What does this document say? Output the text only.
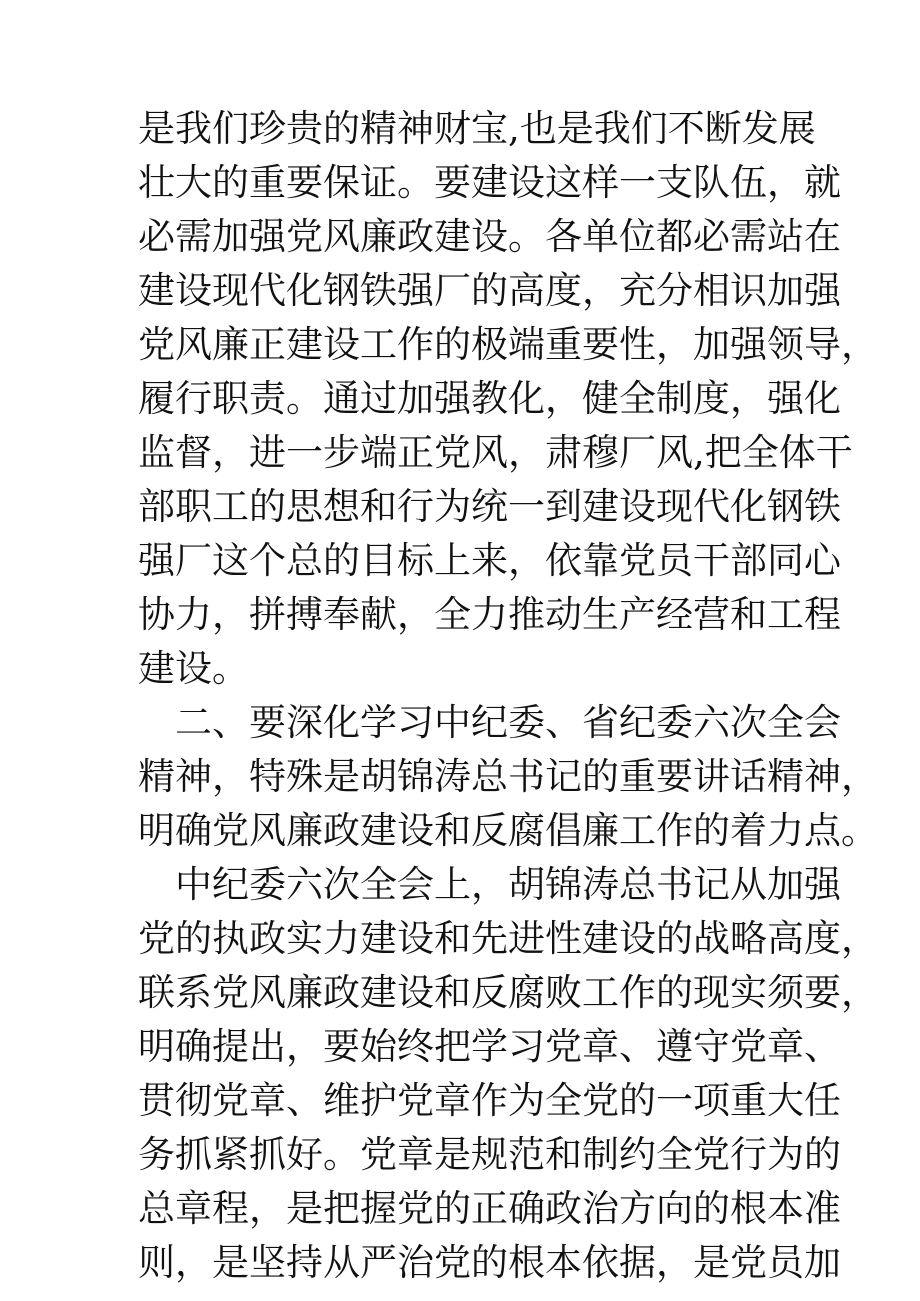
是我们珍贵的精神财宝,也是我们不断发展
壮大的重要保证。要建设这样一支队伍，就
必需加强党风廉政建设。各单位都必需站在
建设现代化钢铁强厂的高度，充分相识加强
党风廉正建设工作的极端重要性，加强领导，
履行职责。通过加强教化，健全制度，强化
监督，进一步端正党风，肃穆厂风,把全体干
部职工的思想和行为统一到建设现代化钢铁
强厂这个总的目标上来，依靠党员干部同心
协力，拼搏奉献，全力推动生产经营和工程
建设。
二、要深化学习中纪委、省纪委六次全会
精神，特殊是胡锦涛总书记的重要讲话精神，
明确党风廉政建设和反腐倡廉工作的着力点。
中纪委六次全会上，胡锦涛总书记从加强
党的执政实力建设和先进性建设的战略高度，
联系党风廉政建设和反腐败工作的现实须要，
明确提出，要始终把学习党章、遵守党章、
贯彻党章、维护党章作为全党的一项重大任
务抓紧抓好。党章是规范和制约全党行为的
总章程，是把握党的正确政治方向的根本准
则，是坚持从严治党的根本依据，是党员加
